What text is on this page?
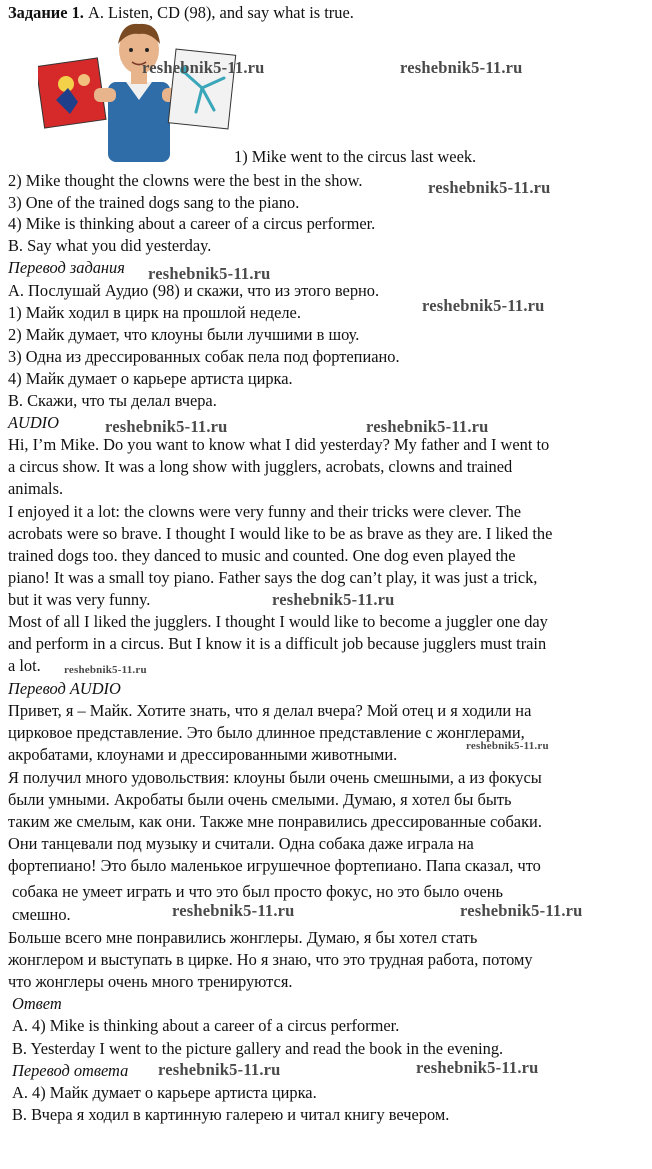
Задание 1. A. Listen, CD (98), and say what is true.
1) Mike went to the circus last week.
2) Mike thought the clowns were the best in the show.
3) One of the trained dogs sang to the piano.
4) Mike is thinking about a career of a circus performer.
B. Say what you did yesterday.
Перевод задания
А. Послушай Аудио (98) и скажи, что из этого верно.
1) Майк ходил в цирк на прошлой неделе.
2) Майк думает, что клоуны были лучшими в шоу.
3) Одна из дрессированных собак пела под фортепиано.
4) Майк думает о карьере артиста цирка.
В. Скажи, что ты делал вчера.
AUDIO
Hi, I’m Mike. Do you want to know what I did yesterday? My father and I went to
a circus show. It was a long show with jugglers, acrobats, clowns and trained
animals.
I enjoyed it a lot: the clowns were very funny and their tricks were clever. The
acrobats were so brave. I thought I would like to be as brave as they are. I liked the
trained dogs too. they danced to music and counted. One dog even played the
piano! It was a small toy piano. Father says the dog can’t play, it was just a trick,
but it was very funny.
Most of all I liked the jugglers. I thought I would like to become a juggler one day
and perform in a circus. But I know it is a difficult job because jugglers must train
a lot.
Перевод AUDIO
Привет, я – Майк. Хотите знать, что я делал вчера? Мой отец и я ходили на
цирковое представление. Это было длинное представление с жонглерами,
акробатами, клоунами и дрессированными животными.
Я получил много удовольствия: клоуны были очень смешными, а из фокусы
были умными. Акробаты были очень смелыми. Думаю, я хотел бы быть
таким же смелым, как они. Также мне понравились дрессированные собаки.
Они танцевали под музыку и считали. Одна собака даже играла на
фортепиано! Это было маленькое игрушечное фортепиано. Папа сказал, что
собака не умеет играть и что это был просто фокус, но это было очень
смешно.
Больше всего мне понравились жонглеры. Думаю, я бы хотел стать
жонглером и выступать в цирке. Но я знаю, что это трудная работа, потому
что жонглеры очень много тренируются.
Ответ
A. 4) Mike is thinking about a career of a circus performer.
B. Yesterday I went to the picture gallery and read the book in the evening.
Перевод ответа
А. 4) Майк думает о карьере артиста цирка.
В. Вчера я ходил в картинную галерею и читал книгу вечером.
reshebnik5-11.ru	reshebnik5-11.ru
reshebnik5-11.ru
reshebnik5-11.ru
reshebnik5-11.ru
reshebnik5-11.ru	reshebnik5-11.ru
reshebnik5-11.ru
reshebnik5-11.ru
reshebnik5-11.ru
reshebnik5-11.ru	reshebnik5-11.ru
reshebnik5-11.ru	reshebnik5-11.ru
